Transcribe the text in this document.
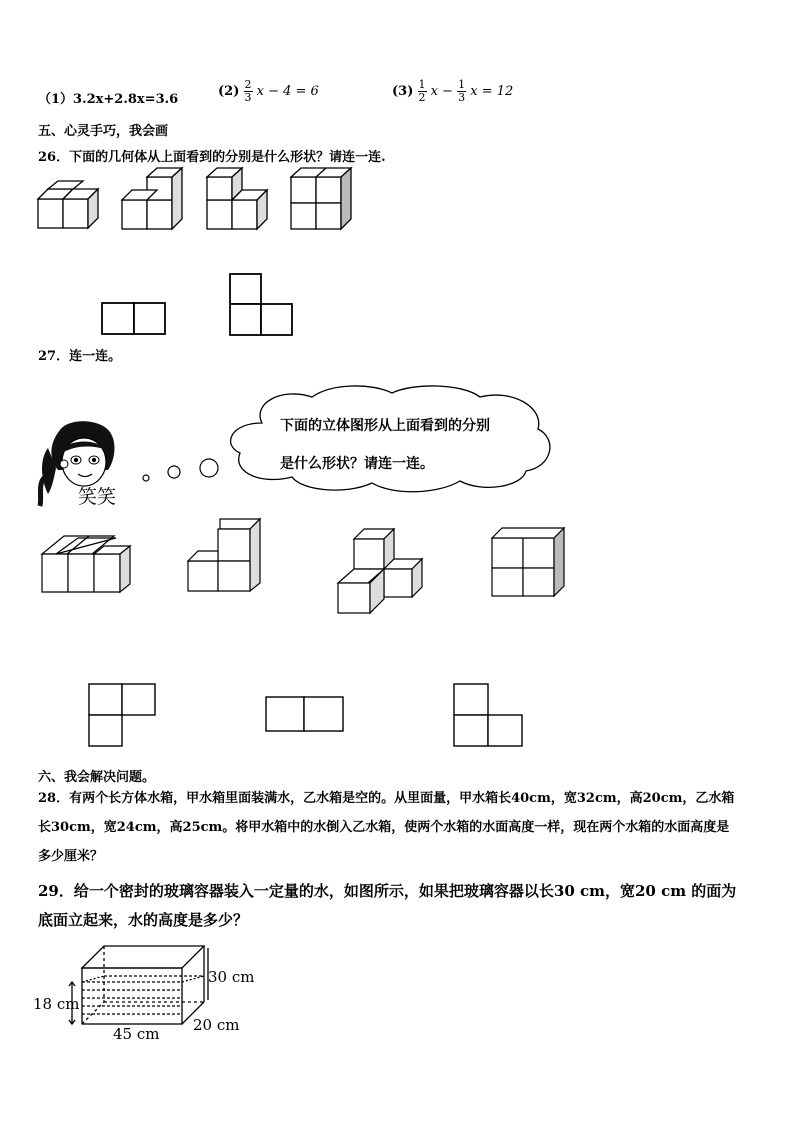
（1）3.2x+2.8x=3.6
$(2) \frac{2}{3}$ x − 4 = 6	$(3) \frac{1}{2}$ $x - \frac{1}{3}$ x = 12
五、心灵手巧，我会画
26．下面的几何体从上面看到的分别是什么形状？请连一连.
27．连一连。
笑笑
下面的立体图形从上面看到的分别
是什么形状？请连一连。
六、我会解决问题。
28．有两个长方体水箱，甲水箱里面装满水，乙水箱是空的。从里面量，甲水箱长40cm，宽32cm，高20cm，乙水箱
长30cm，宽24cm，高25cm。将甲水箱中的水倒入乙水箱，使两个水箱的水面高度一样，现在两个水箱的水面高度是
多少厘米？
29．给一个密封的玻璃容器装入一定量的水，如图所示，如果把玻璃容器以长30 cm，宽20 cm 的面为
底面立起来，水的高度是多少？
30 cm
18 cm
20 cm
45 cm
